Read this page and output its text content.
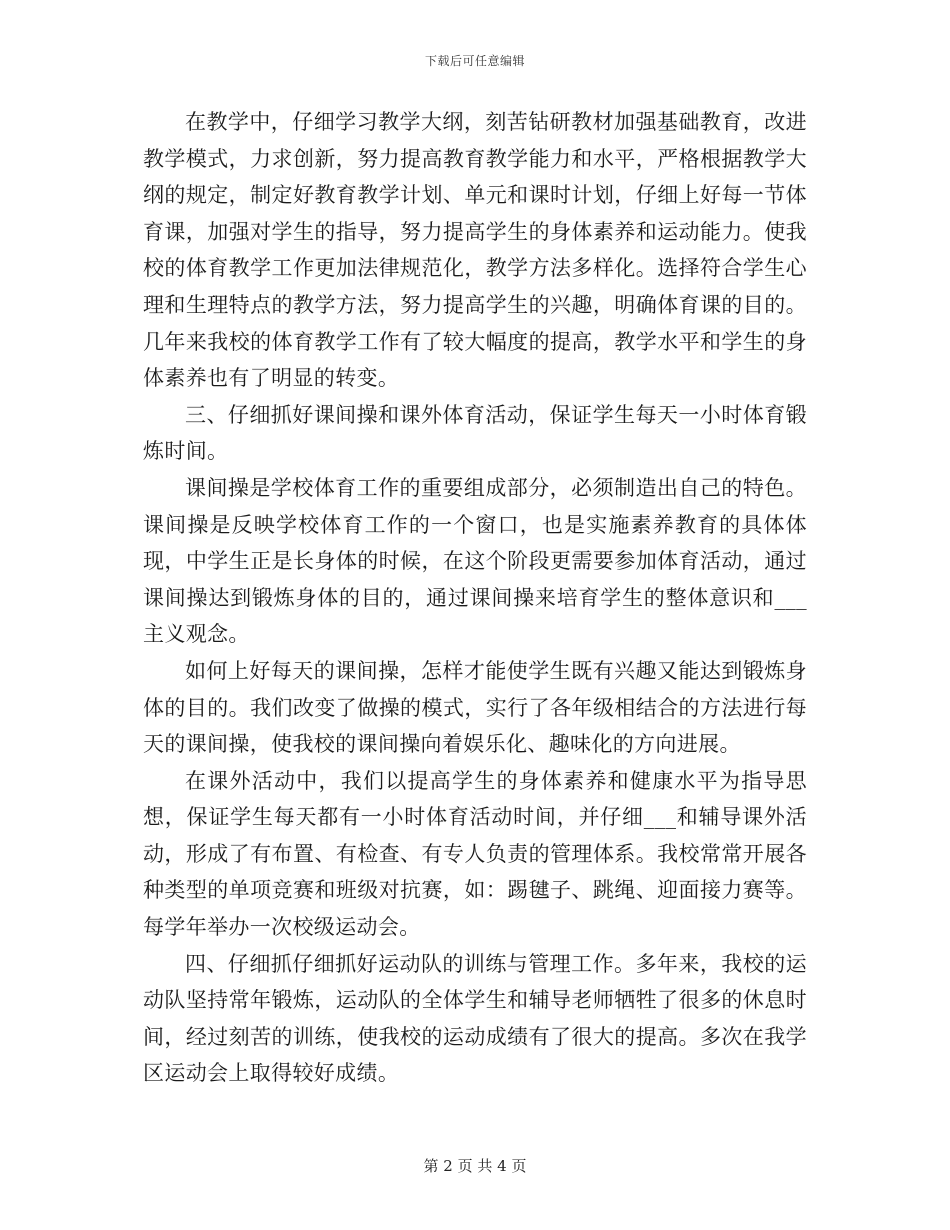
下载后可任意编辑

在教学中，仔细学习教学大纲，刻苦钻研教材加强基础教育，改进教学模式，力求创新，努力提高教育教学能力和水平，严格根据教学大纲的规定，制定好教育教学计划、单元和课时计划，仔细上好每一节体育课，加强对学生的指导，努力提高学生的身体素养和运动能力。使我校的体育教学工作更加法律规范化，教学方法多样化。选择符合学生心理和生理特点的教学方法，努力提高学生的兴趣，明确体育课的目的。几年来我校的体育教学工作有了较大幅度的提高，教学水平和学生的身体素养也有了明显的转变。

三、仔细抓好课间操和课外体育活动，保证学生每天一小时体育锻炼时间。

课间操是学校体育工作的重要组成部分，必须制造出自己的特色。课间操是反映学校体育工作的一个窗口，也是实施素养教育的具体体现，中学生正是长身体的时候，在这个阶段更需要参加体育活动，通过课间操达到锻炼身体的目的，通过课间操来培育学生的整体意识和___主义观念。

如何上好每天的课间操，怎样才能使学生既有兴趣又能达到锻炼身体的目的。我们改变了做操的模式，实行了各年级相结合的方法进行每天的课间操，使我校的课间操向着娱乐化、趣味化的方向进展。

在课外活动中，我们以提高学生的身体素养和健康水平为指导思想，保证学生每天都有一小时体育活动时间，并仔细___和辅导课外活动，形成了有布置、有检查、有专人负责的管理体系。我校常常开展各种类型的单项竞赛和班级对抗赛，如：踢毽子、跳绳、迎面接力赛等。每学年举办一次校级运动会。

四、仔细抓仔细抓好运动队的训练与管理工作。多年来，我校的运动队坚持常年锻炼，运动队的全体学生和辅导老师牺牲了很多的休息时间，经过刻苦的训练，使我校的运动成绩有了很大的提高。多次在我学区运动会上取得较好成绩。

第 2 页 共 4 页
